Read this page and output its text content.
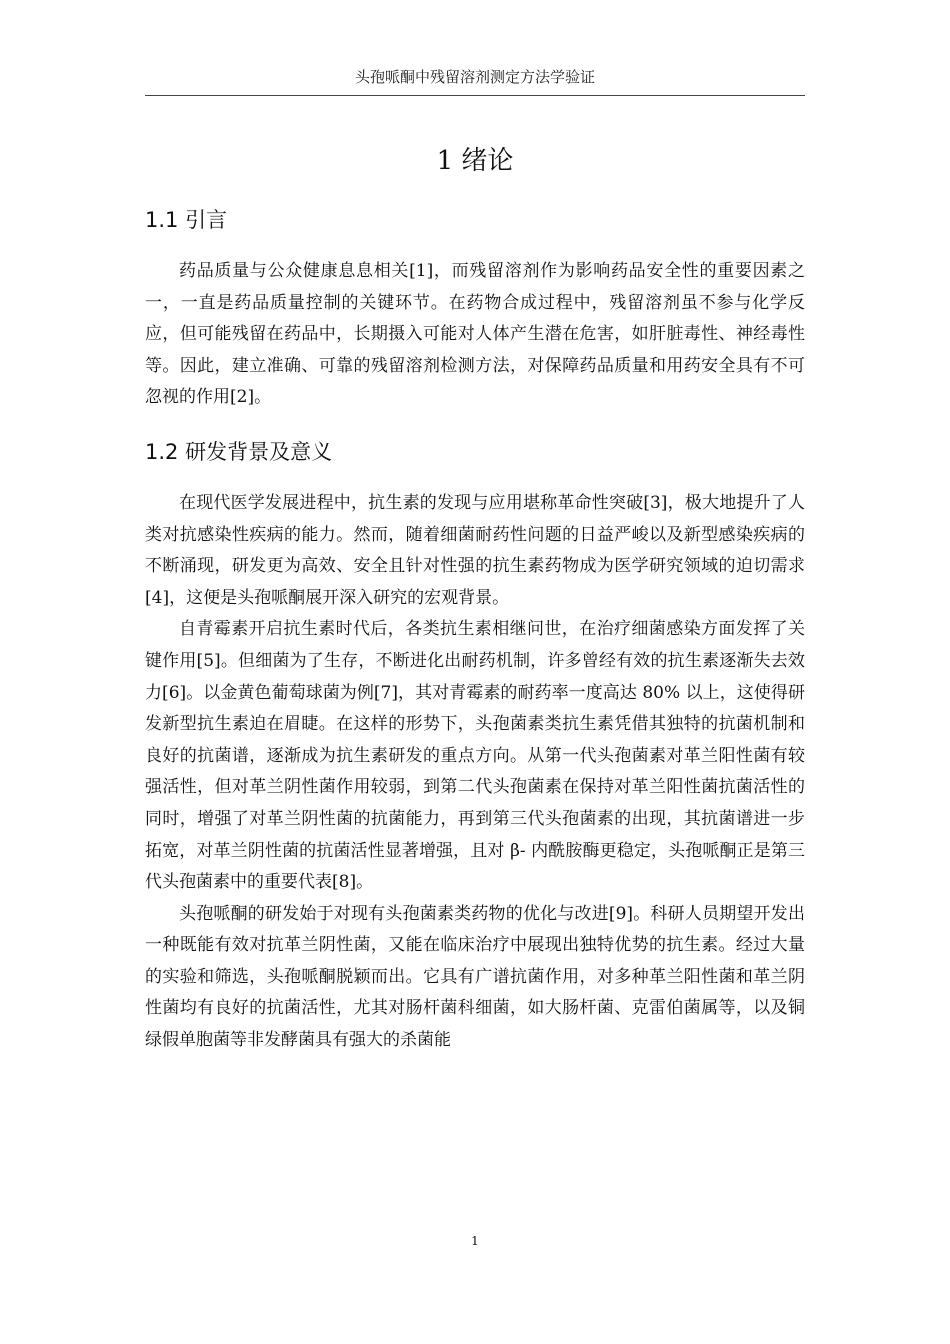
头孢哌酮中残留溶剂测定方法学验证
1 绪论
1.1 引言

药品质量与公众健康息息相关[1]，而残留溶剂作为影响药品安全性的重要因素之一，一直是药品质量控制的关键环节。在药物合成过程中，残留溶剂虽不参与化学反应，但可能残留在药品中，长期摄入可能对人体产生潜在危害，如肝脏毒性、神经毒性等。因此，建立准确、可靠的残留溶剂检测方法，对保障药品质量和用药安全具有不可忽视的作用[2]。

1.2 研发背景及意义

在现代医学发展进程中，抗生素的发现与应用堪称革命性突破[3]，极大地提升了人类对抗感染性疾病的能力。然而，随着细菌耐药性问题的日益严峻以及新型感染疾病的不断涌现，研发更为高效、安全且针对性强的抗生素药物成为医学研究领域的迫切需求[4]，这便是头孢哌酮展开深入研究的宏观背景。

自青霉素开启抗生素时代后，各类抗生素相继问世，在治疗细菌感染方面发挥了关键作用[5]。但细菌为了生存，不断进化出耐药机制，许多曾经有效的抗生素逐渐失去效力[6]。以金黄色葡萄球菌为例[7]，其对青霉素的耐药率一度高达 80% 以上，这使得研发新型抗生素迫在眉睫。在这样的形势下，头孢菌素类抗生素凭借其独特的抗菌机制和良好的抗菌谱，逐渐成为抗生素研发的重点方向。从第一代头孢菌素对革兰阳性菌有较强活性，但对革兰阴性菌作用较弱，到第二代头孢菌素在保持对革兰阳性菌抗菌活性的同时，增强了对革兰阴性菌的抗菌能力，再到第三代头孢菌素的出现，其抗菌谱进一步拓宽，对革兰阴性菌的抗菌活性显著增强，且对 β- 内酰胺酶更稳定，头孢哌酮正是第三代头孢菌素中的重要代表[8]。

头孢哌酮的研发始于对现有头孢菌素类药物的优化与改进[9]。科研人员期望开发出一种既能有效对抗革兰阴性菌，又能在临床治疗中展现出独特优势的抗生素。经过大量的实验和筛选，头孢哌酮脱颖而出。它具有广谱抗菌作用，对多种革兰阳性菌和革兰阴性菌均有良好的抗菌活性，尤其对肠杆菌科细菌，如大肠杆菌、克雷伯菌属等，以及铜绿假单胞菌等非发酵菌具有强大的杀菌能

1
